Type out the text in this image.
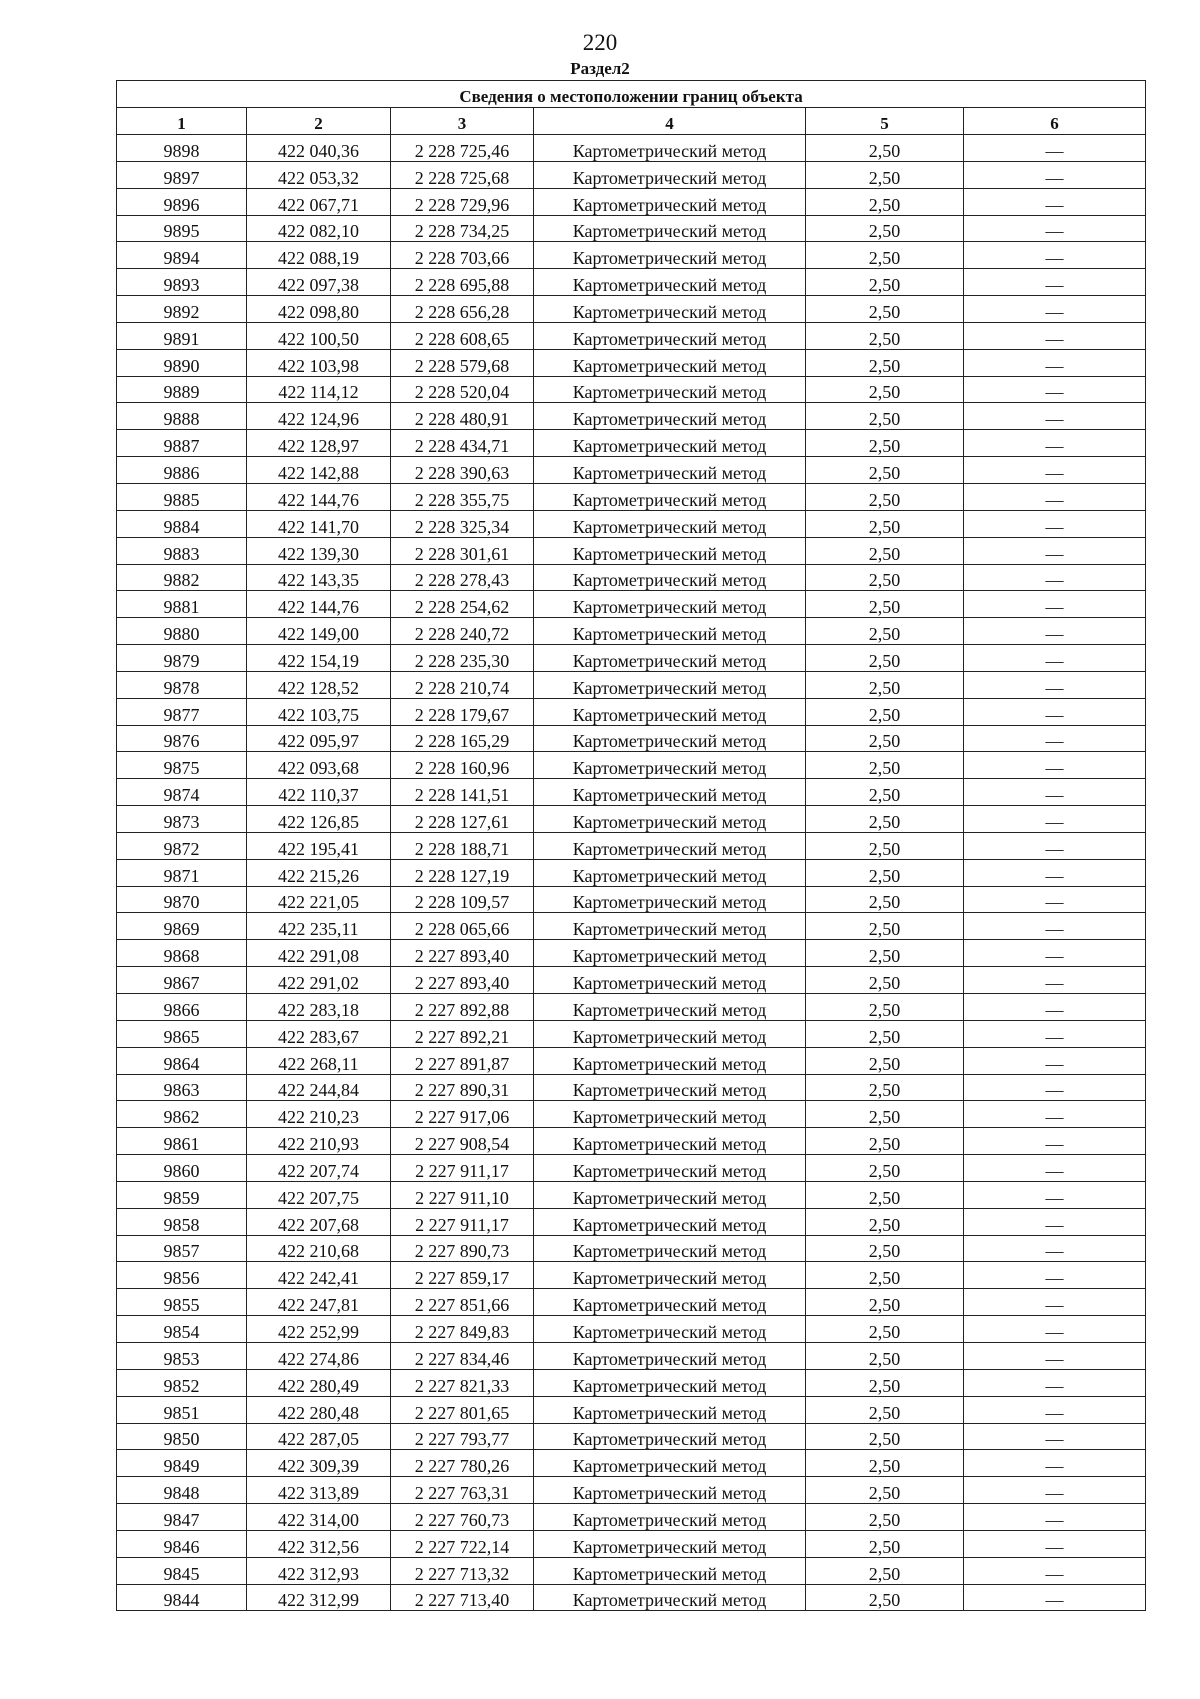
220
Раздел2
Сведения о местоположении границ объекта					
1	2	3	4	5	6
9898	422 040,36	2 228 725,46	Картометрический метод	2,50	—
9897	422 053,32	2 228 725,68	Картометрический метод	2,50	—
9896	422 067,71	2 228 729,96	Картометрический метод	2,50	—
9895	422 082,10	2 228 734,25	Картометрический метод	2,50	—
9894	422 088,19	2 228 703,66	Картометрический метод	2,50	—
9893	422 097,38	2 228 695,88	Картометрический метод	2,50	—
9892	422 098,80	2 228 656,28	Картометрический метод	2,50	—
9891	422 100,50	2 228 608,65	Картометрический метод	2,50	—
9890	422 103,98	2 228 579,68	Картометрический метод	2,50	—
9889	422 114,12	2 228 520,04	Картометрический метод	2,50	—
9888	422 124,96	2 228 480,91	Картометрический метод	2,50	—
9887	422 128,97	2 228 434,71	Картометрический метод	2,50	—
9886	422 142,88	2 228 390,63	Картометрический метод	2,50	—
9885	422 144,76	2 228 355,75	Картометрический метод	2,50	—
9884	422 141,70	2 228 325,34	Картометрический метод	2,50	—
9883	422 139,30	2 228 301,61	Картометрический метод	2,50	—
9882	422 143,35	2 228 278,43	Картометрический метод	2,50	—
9881	422 144,76	2 228 254,62	Картометрический метод	2,50	—
9880	422 149,00	2 228 240,72	Картометрический метод	2,50	—
9879	422 154,19	2 228 235,30	Картометрический метод	2,50	—
9878	422 128,52	2 228 210,74	Картометрический метод	2,50	—
9877	422 103,75	2 228 179,67	Картометрический метод	2,50	—
9876	422 095,97	2 228 165,29	Картометрический метод	2,50	—
9875	422 093,68	2 228 160,96	Картометрический метод	2,50	—
9874	422 110,37	2 228 141,51	Картометрический метод	2,50	—
9873	422 126,85	2 228 127,61	Картометрический метод	2,50	—
9872	422 195,41	2 228 188,71	Картометрический метод	2,50	—
9871	422 215,26	2 228 127,19	Картометрический метод	2,50	—
9870	422 221,05	2 228 109,57	Картометрический метод	2,50	—
9869	422 235,11	2 228 065,66	Картометрический метод	2,50	—
9868	422 291,08	2 227 893,40	Картометрический метод	2,50	—
9867	422 291,02	2 227 893,40	Картометрический метод	2,50	—
9866	422 283,18	2 227 892,88	Картометрический метод	2,50	—
9865	422 283,67	2 227 892,21	Картометрический метод	2,50	—
9864	422 268,11	2 227 891,87	Картометрический метод	2,50	—
9863	422 244,84	2 227 890,31	Картометрический метод	2,50	—
9862	422 210,23	2 227 917,06	Картометрический метод	2,50	—
9861	422 210,93	2 227 908,54	Картометрический метод	2,50	—
9860	422 207,74	2 227 911,17	Картометрический метод	2,50	—
9859	422 207,75	2 227 911,10	Картометрический метод	2,50	—
9858	422 207,68	2 227 911,17	Картометрический метод	2,50	—
9857	422 210,68	2 227 890,73	Картометрический метод	2,50	—
9856	422 242,41	2 227 859,17	Картометрический метод	2,50	—
9855	422 247,81	2 227 851,66	Картометрический метод	2,50	—
9854	422 252,99	2 227 849,83	Картометрический метод	2,50	—
9853	422 274,86	2 227 834,46	Картометрический метод	2,50	—
9852	422 280,49	2 227 821,33	Картометрический метод	2,50	—
9851	422 280,48	2 227 801,65	Картометрический метод	2,50	—
9850	422 287,05	2 227 793,77	Картометрический метод	2,50	—
9849	422 309,39	2 227 780,26	Картометрический метод	2,50	—
9848	422 313,89	2 227 763,31	Картометрический метод	2,50	—
9847	422 314,00	2 227 760,73	Картометрический метод	2,50	—
9846	422 312,56	2 227 722,14	Картометрический метод	2,50	—
9845	422 312,93	2 227 713,32	Картометрический метод	2,50	—
9844	422 312,99	2 227 713,40	Картометрический метод	2,50	—
